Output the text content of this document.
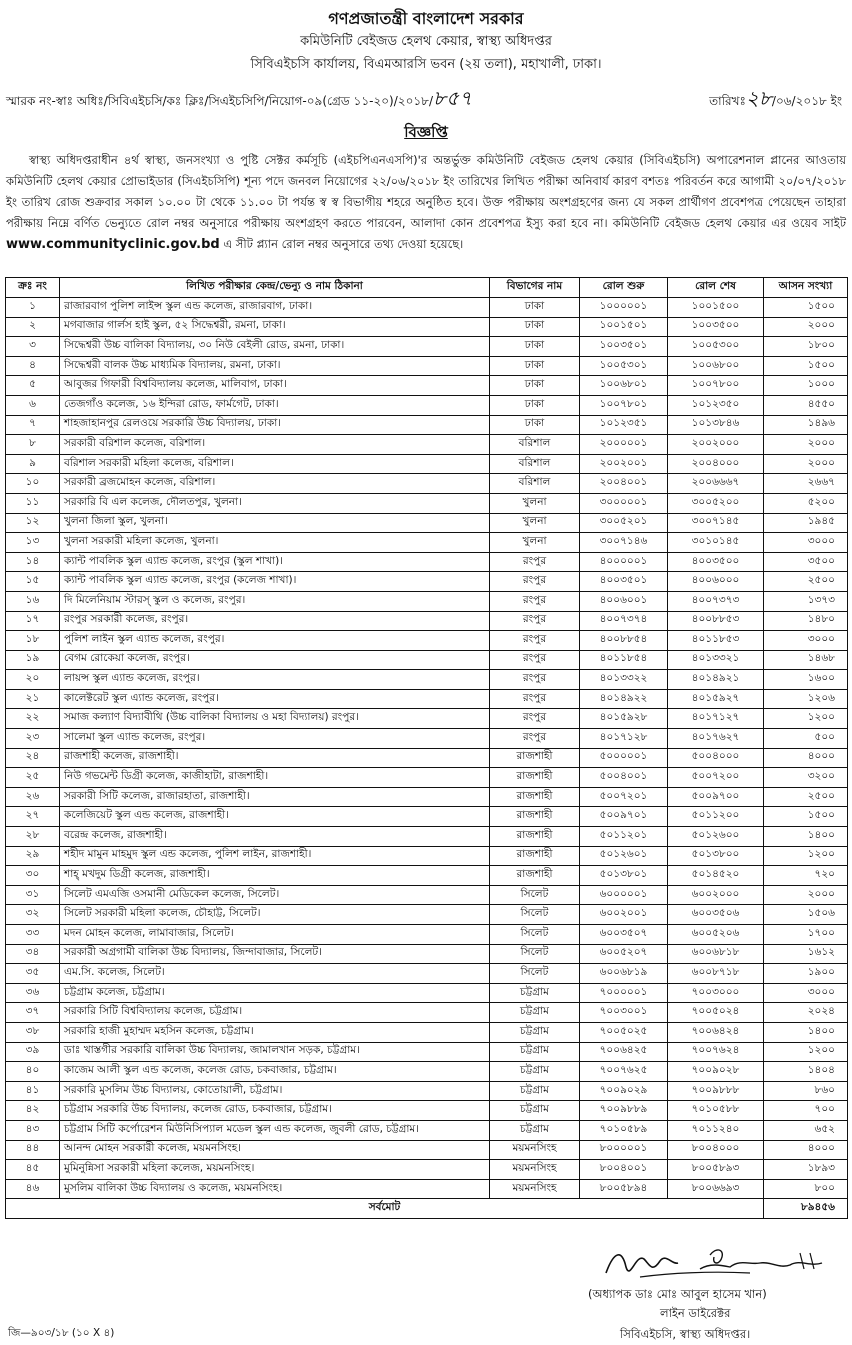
গণপ্রজাতন্ত্রী বাংলাদেশ সরকার
কমিউনিটি বেইজড হেলথ কেয়ার, স্বাস্থ্য অধিদপ্তর
সিবিএইচসি কার্যালয়, বিএমআরসি ভবন (২য় তলা), মহাখালী, ঢাকা।
স্মারক নং-স্বাঃ অধিঃ/সিবিএইচসি/কঃ ক্লিঃ/সিএইচসিপি/নিয়োগ-০৯(গ্রেড ১১-২০)/২০১৮/৮৫৭	তারিখঃ২৮/০৬/২০১৮ ইং
বিজ্ঞপ্তি
  স্বাস্থ্য অধিদপ্তরাধীন ৪র্থ স্বাস্থ্য, জনসংখ্যা ও পুষ্টি সেক্টর কর্মসূচি (এইচপিএনএসপি)'র অন্তর্ভুক্ত কমিউনিটি বেইজড হেলথ কেয়ার (সিবিএইচসি) অপারেশনাল প্লানের আওতায় কমিউনিটি হেলথ কেয়ার প্রোভাইডার (সিএইচসিপি) শূন্য পদে জনবল নিয়োগের ২২/০৬/২০১৮ ইং তারিখের লিখিত পরীক্ষা অনিবার্য কারণ বশতঃ পরিবর্তন করে আগামী ২০/০৭/২০১৮ ইং তারিখ রোজ শুক্রবার সকাল ১০.০০ টা থেকে ১১.০০ টা পর্যন্ত স্ব স্ব বিভাগীয় শহরে অনুষ্ঠিত হবে। উক্ত পরীক্ষায় অংশগ্রহণের জন্য যে সকল প্রার্থীগণ প্রবেশপত্র পেয়েছেন তাহারা পরীক্ষায় নিম্নে বর্ণিত ভেন্যুতে রোল নম্বর অনুসারে পরীক্ষায় অংশগ্রহণ করতে পারবেন, আলাদা কোন প্রবেশপত্র ইস্যু করা হবে না। কমিউনিটি বেইজড হেলথ কেয়ার এর ওয়েব সাইট www.communityclinic.gov.bd এ সীট প্ল্যান রোল নম্বর অনুসারে তথ্য দেওয়া হয়েছে।
ক্রঃ নং	লিখিত পরীক্ষার কেন্দ্র/ভেন্যু ও নাম ঠিকানা	বিভাগের নাম	রোল শুরু	রোল শেষ	আসন সংখ্যা
১	রাজারবাগ পুলিশ লাইন্স স্কুল এন্ড কলেজ, রাজারবাগ, ঢাকা।	ঢাকা	১০০০০০১	১০০১৫০০	১৫০০
২	মগবাজার গার্লস হাই স্কুল, ৫২ সিদ্ধেশ্বরী, রমনা, ঢাকা।	ঢাকা	১০০১৫০১	১০০৩৫০০	২০০০
৩	সিদ্ধেশ্বরী উচ্চ বালিকা বিদ্যালয়, ৩০ নিউ বেইলী রোড, রমনা, ঢাকা।	ঢাকা	১০০৩৫০১	১০০৫৩০০	১৮০০
৪	সিদ্ধেশ্বরী বালক উচ্চ মাধ্যমিক বিদ্যালয়, রমনা, ঢাকা।	ঢাকা	১০০৫৩০১	১০০৬৮০০	১৫০০
৫	আবুজর গিফারী বিশ্ববিদ্যালয় কলেজ, মালিবাগ, ঢাকা।	ঢাকা	১০০৬৮০১	১০০৭৮০০	১০০০
৬	তেজগাঁও কলেজ, ১৬ ইন্দিরা রোড, ফার্মগেট, ঢাকা।	ঢাকা	১০০৭৮০১	১০১২৩৫০	৪৫৫০
৭	শাহজাহানপুর রেলওয়ে সরকারি উচ্চ বিদ্যালয়, ঢাকা।	ঢাকা	১০১২৩৫১	১০১৩৮৪৬	১৪৯৬
৮	সরকারী বরিশাল কলেজ, বরিশাল।	বরিশাল	২০০০০০১	২০০২০০০	২০০০
৯	বরিশাল সরকারী মহিলা কলেজ, বরিশাল।	বরিশাল	২০০২০০১	২০০৪০০০	২০০০
১০	সরকারী ব্রজমোহন কলেজ, বরিশাল।	বরিশাল	২০০৪০০১	২০০৬৬৬৭	২৬৬৭
১১	সরকারি বি এল কলেজ, দৌলতপুর, খুলনা।	খুলনা	৩০০০০০১	৩০০৫২০০	৫২০০
১২	খুলনা জিলা স্কুল, খুলনা।	খুলনা	৩০০৫২০১	৩০০৭১৪৫	১৯৪৫
১৩	খুলনা সরকারী মহিলা কলেজ, খুলনা।	খুলনা	৩০০৭১৪৬	৩০১০১৪৫	৩০০০
১৪	ক্যান্ট পাবলিক স্কুল এ্যান্ড কলেজ, রংপুর (স্কুল শাখা)।	রংপুর	৪০০০০০১	৪০০৩৫০০	৩৫০০
১৫	ক্যান্ট পাবলিক স্কুল এ্যান্ড কলেজ, রংপুর (কলেজ শাখা)।	রংপুর	৪০০৩৫০১	৪০০৬০০০	২৫০০
১৬	দি মিলেনিয়াম স্টারস্ স্কুল ও কলেজ, রংপুর।	রংপুর	৪০০৬০০১	৪০০৭৩৭৩	১৩৭৩
১৭	রংপুর সরকারী কলেজ, রংপুর।	রংপুর	৪০০৭৩৭৪	৪০০৮৮৫৩	১৪৮০
১৮	পুলিশ লাইন স্কুল এ্যান্ড কলেজ, রংপুর।	রংপুর	৪০০৮৮৫৪	৪০১১৮৫৩	৩০০০
১৯	বেগম রোকেয়া কলেজ, রংপুর।	রংপুর	৪০১১৮৫৪	৪০১৩৩২১	১৪৬৮
২০	লায়ন্স স্কুল এ্যান্ড কলেজ, রংপুর।	রংপুর	৪০১৩৩২২	৪০১৪৯২১	১৬০০
২১	কালেক্টরেট স্কুল এ্যান্ড কলেজ, রংপুর।	রংপুর	৪০১৪৯২২	৪০১৫৯২৭	১২০৬
২২	সমাজ কল্যাণ বিদ্যাবীথি (উচ্চ বালিকা বিদ্যালয় ও মহা বিদ্যালয়) রংপুর।	রংপুর	৪০১৫৯২৮	৪০১৭১২৭	১২০০
২৩	সালেমা স্কুল এ্যান্ড কলেজ, রংপুর।	রংপুর	৪০১৭১২৮	৪০১৭৬২৭	৫০০
২৪	রাজশাহী কলেজ, রাজশাহী।	রাজশাহী	৫০০০০০১	৫০০৪০০০	৪০০০
২৫	নিউ গভমেন্ট ডিগ্রী কলেজ, কাজীহাটা, রাজশাহী।	রাজশাহী	৫০০৪০০১	৫০০৭২০০	৩২০০
২৬	সরকারী সিটি কলেজ, রাজারহাতা, রাজশাহী।	রাজশাহী	৫০০৭২০১	৫০০৯৭০০	২৫০০
২৭	কলেজিয়েট স্কুল এন্ড কলেজ, রাজশাহী।	রাজশাহী	৫০০৯৭০১	৫০১১২০০	১৫০০
২৮	বরেন্দ্র কলেজ, রাজশাহী।	রাজশাহী	৫০১১২০১	৫০১২৬০০	১৪০০
২৯	শহীদ মামুন মাহমুদ স্কুল এন্ড কলেজ, পুলিশ লাইন, রাজশাহী।	রাজশাহী	৫০১২৬০১	৫০১৩৮০০	১২০০
৩০	শাহ্ মখদুম ডিগ্রী কলেজ, রাজশাহী।	রাজশাহী	৫০১৩৮০১	৫০১৪৫২০	৭২০
৩১	সিলেট এমএজি ওসমানী মেডিকেল কলেজ, সিলেট।	সিলেট	৬০০০০০১	৬০০২০০০	২০০০
৩২	সিলেট সরকারী মহিলা কলেজ, চৌহাট্ট, সিলেট।	সিলেট	৬০০২০০১	৬০০৩৫০৬	১৫০৬
৩৩	মদন মোহন কলেজ, লামাবাজার, সিলেট।	সিলেট	৬০০৩৫০৭	৬০০৫২০৬	১৭০০
৩৪	সরকারী অগ্রগামী বালিকা উচ্চ বিদ্যালয়, জিন্দাবাজার, সিলেট।	সিলেট	৬০০৫২০৭	৬০০৬৮১৮	১৬১২
৩৫	এম.সি. কলেজ, সিলেট।	সিলেট	৬০০৬৮১৯	৬০০৮৭১৮	১৯০০
৩৬	চট্টগ্রাম কলেজ, চট্টগ্রাম।	চট্টগ্রাম	৭০০০০০১	৭০০৩০০০	৩০০০
৩৭	সরকারি সিটি বিশ্ববিদ্যালয় কলেজ, চট্টগ্রাম।	চট্টগ্রাম	৭০০৩০০১	৭০০৫০২৪	২০২৪
৩৮	সরকারি হাজী মুহাম্মদ মহসিন কলেজ, চট্টগ্রাম।	চট্টগ্রাম	৭০০৫০২৫	৭০০৬৪২৪	১৪০০
৩৯	ডাঃ খাস্তগীর সরকারি বালিকা উচ্চ বিদ্যালয়, জামালখান সড়ক, চট্টগ্রাম।	চট্টগ্রাম	৭০০৬৪২৫	৭০০৭৬২৪	১২০০
৪০	কাজেম আলী স্কুল এন্ড কলেজ, কলেজ রোড, চকবাজার, চট্টগ্রাম।	চট্টগ্রাম	৭০০৭৬২৫	৭০০৯০২৮	১৪০৪
৪১	সরকারি মুসলিম উচ্চ বিদ্যালয়, কোতোয়ালী, চট্টগ্রাম।	চট্টগ্রাম	৭০০৯০২৯	৭০০৯৮৮৮	৮৬০
৪২	চট্টগ্রাম সরকারি উচ্চ বিদ্যালয়, কলেজ রোড, চকবাজার, চট্টগ্রাম।	চট্টগ্রাম	৭০০৯৮৮৯	৭০১০৫৮৮	৭০০
৪৩	চট্টগ্রাম সিটি কর্পোরেশন মিউনিসিপ্যাল মডেল স্কুল এন্ড কলেজ, জুবলী রোড, চট্টগ্রাম।	চট্টগ্রাম	৭০১০৫৮৯	৭০১১২৪০	৬৫২
৪৪	আনন্দ মোহন সরকারী কলেজ, ময়মনসিংহ।	ময়মনসিংহ	৮০০০০০১	৮০০৪০০০	৪০০০
৪৫	মুমিনুন্নিসা সরকারী মহিলা কলেজ, ময়মনসিংহ।	ময়মনসিংহ	৮০০৪০০১	৮০০৫৮৯৩	১৮৯৩
৪৬	মুসলিম বালিকা উচ্চ বিদ্যালয় ও কলেজ, ময়মনসিংহ।	ময়মনসিংহ	৮০০৫৮৯৪	৮০০৬৬৯৩	৮০০
সর্বমোট					৮৯৪৫৬
(অধ্যাপক ডাঃ মোঃ আবুল হাসেম খান)
লাইন ডাইরেক্টর
সিবিএইচসি, স্বাস্থ্য অধিদপ্তর।
জি—৯০৩/১৮ (১০ X ৪)
